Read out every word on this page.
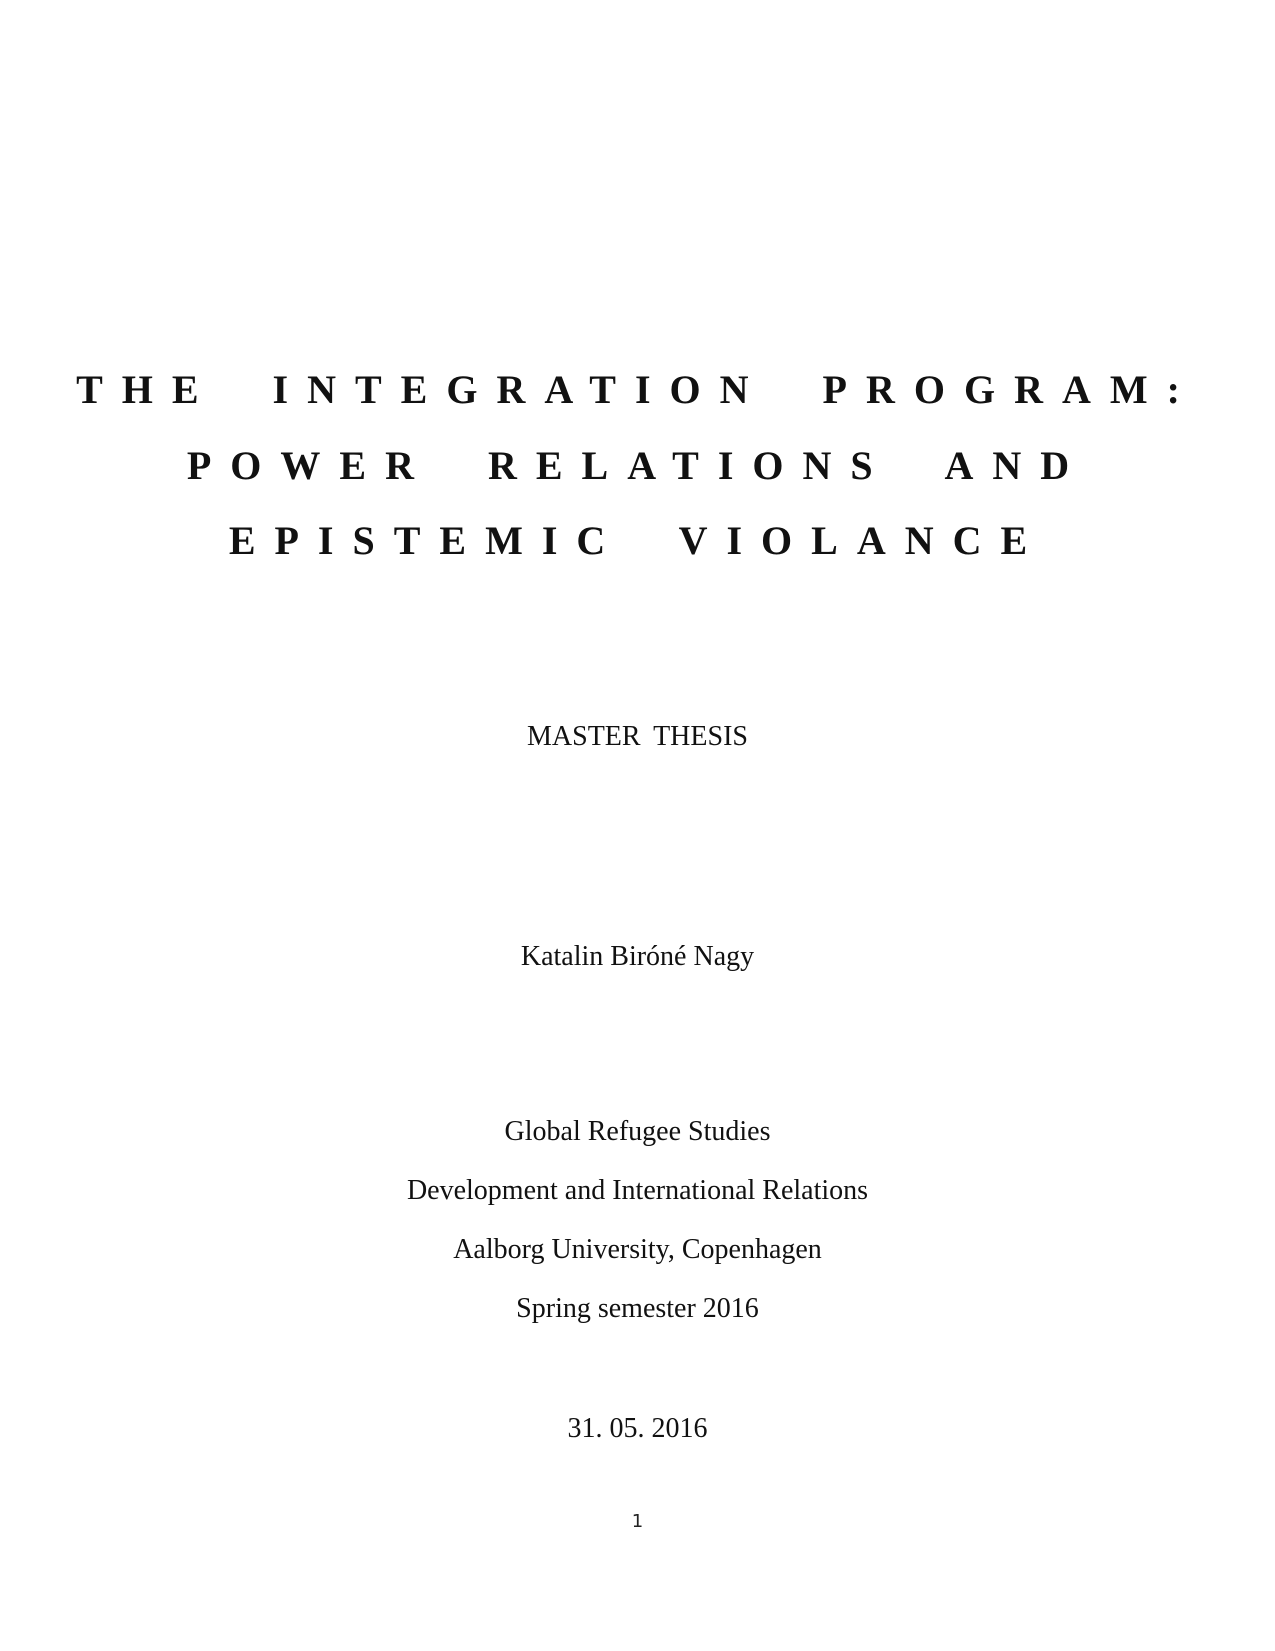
THE INTEGRATION PROGRAM:
POWER RELATIONS AND
EPISTEMIC VIOLANCE
MASTER THESIS
Katalin Biróné Nagy
Global Refugee Studies
Development and International Relations
Aalborg University, Copenhagen
Spring semester 2016
31. 05. 2016
1
